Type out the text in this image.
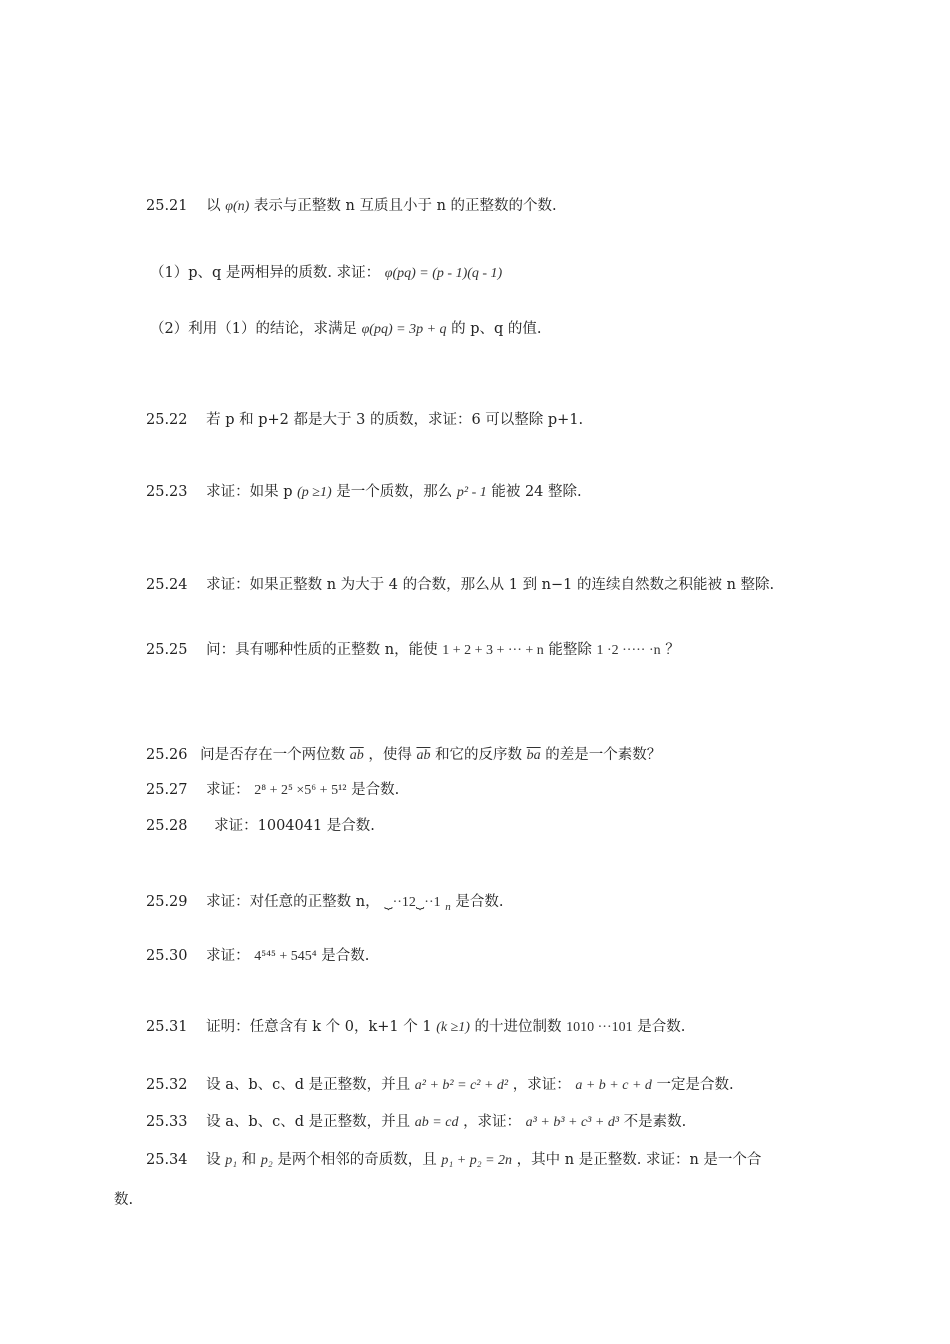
25.21 以 φ(n) 表示与正整数 n 互质且小于 n 的正整数的个数.
（1）p、q 是两相异的质数. 求证： φ(pq) = (p - 1)(q - 1)
（2）利用（1）的结论，求满足 φ(pq) = 3p + q 的 p、q 的值.
25.22 若 p 和 p+2 都是大于 3 的质数，求证：6 可以整除 p+1.
25.23 求证：如果 p (p ≥1) 是一个质数，那么 p² - 1 能被 24 整除.
25.24 求证：如果正整数 n 为大于 4 的合数，那么从 1 到 n−1 的连续自然数之积能被 n 整除.
25.25 问：具有哪种性质的正整数 n，能使 1 + 2 + 3 + ··· + n 能整除 1 ·2 ····· ·n ？
25.26 问是否存在一个两位数 $\overline{ab}$ ，使得 $\overline{ab}$ 和它的反序数 $\overline{ba}$ 的差是一个素数？
25.27 求证： 2⁸ + 2⁵ ×5⁶ + 5¹² 是合数.
25.28 求证：1004041 是合数.
25.29 求证：对任意的正整数 n， ⏟··12⏟··1 $_n$ 是合数.
25.30 求证： 4⁵⁴⁵ + 545⁴ 是合数.
25.31 证明：任意含有 k 个 0，k+1 个 1 (k ≥1) 的十进位制数 1010 ···101 是合数.
25.32 设 a、b、c、d 是正整数，并且 a² + b² = c² + d² ，求证： a + b + c + d 一定是合数.
25.33 设 a、b、c、d 是正整数，并且 ab = cd ，求证： a³ + b³ + c³ + d³ 不是素数.
25.34 设 p₁ 和 p₂ 是两个相邻的奇质数，且 p₁ + p₂ = 2n ，其中 n 是正整数. 求证：n 是一个合
数.
